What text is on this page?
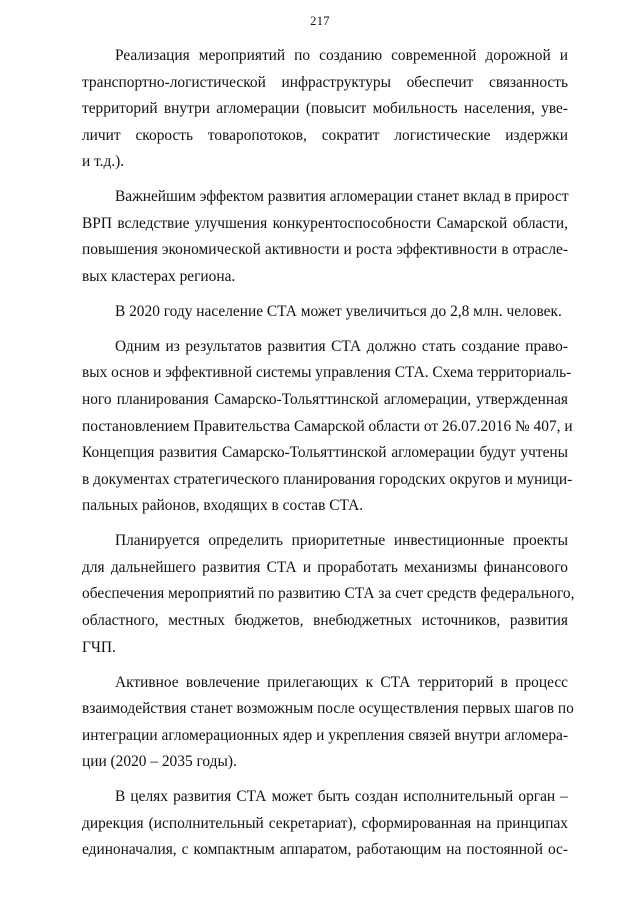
217

Реализация мероприятий по созданию современной дорожной и
транспортно-логистической инфраструктуры обеспечит связанность
территорий внутри агломерации (повысит мобильность населения, уве-
личит скорость товаропотоков, сократит логистические издержки
и т.д.).

Важнейшим эффектом развития агломерации станет вклад в прирост
ВРП вследствие улучшения конкурентоспособности Самарской области,
повышения экономической активности и роста эффективности в отрасле-
вых кластерах региона.

В 2020 году население СТА может увеличиться до 2,8 млн. человек.

Одним из результатов развития СТА должно стать создание право-
вых основ и эффективной системы управления СТА. Схема территориаль-
ного планирования Самарско-Тольяттинской агломерации, утвержденная
постановлением Правительства Самарской области от 26.07.2016 № 407, и
Концепция развития Самарско-Тольяттинской агломерации будут учтены
в документах стратегического планирования городских округов и муници-
пальных районов, входящих в состав СТА.

Планируется определить приоритетные инвестиционные проекты
для дальнейшего развития СТА и проработать механизмы финансового
обеспечения мероприятий по развитию СТА за счет средств федерального,
областного, местных бюджетов, внебюджетных источников, развития
ГЧП.

Активное вовлечение прилегающих к СТА территорий в процесс
взаимодействия станет возможным после осуществления первых шагов по
интеграции агломерационных ядер и укрепления связей внутри агломера-
ции (2020 – 2035 годы).

В целях развития СТА может быть создан исполнительный орган –
дирекция (исполнительный секретариат), сформированная на принципах
единоначалия, с компактным аппаратом, работающим на постоянной ос-
